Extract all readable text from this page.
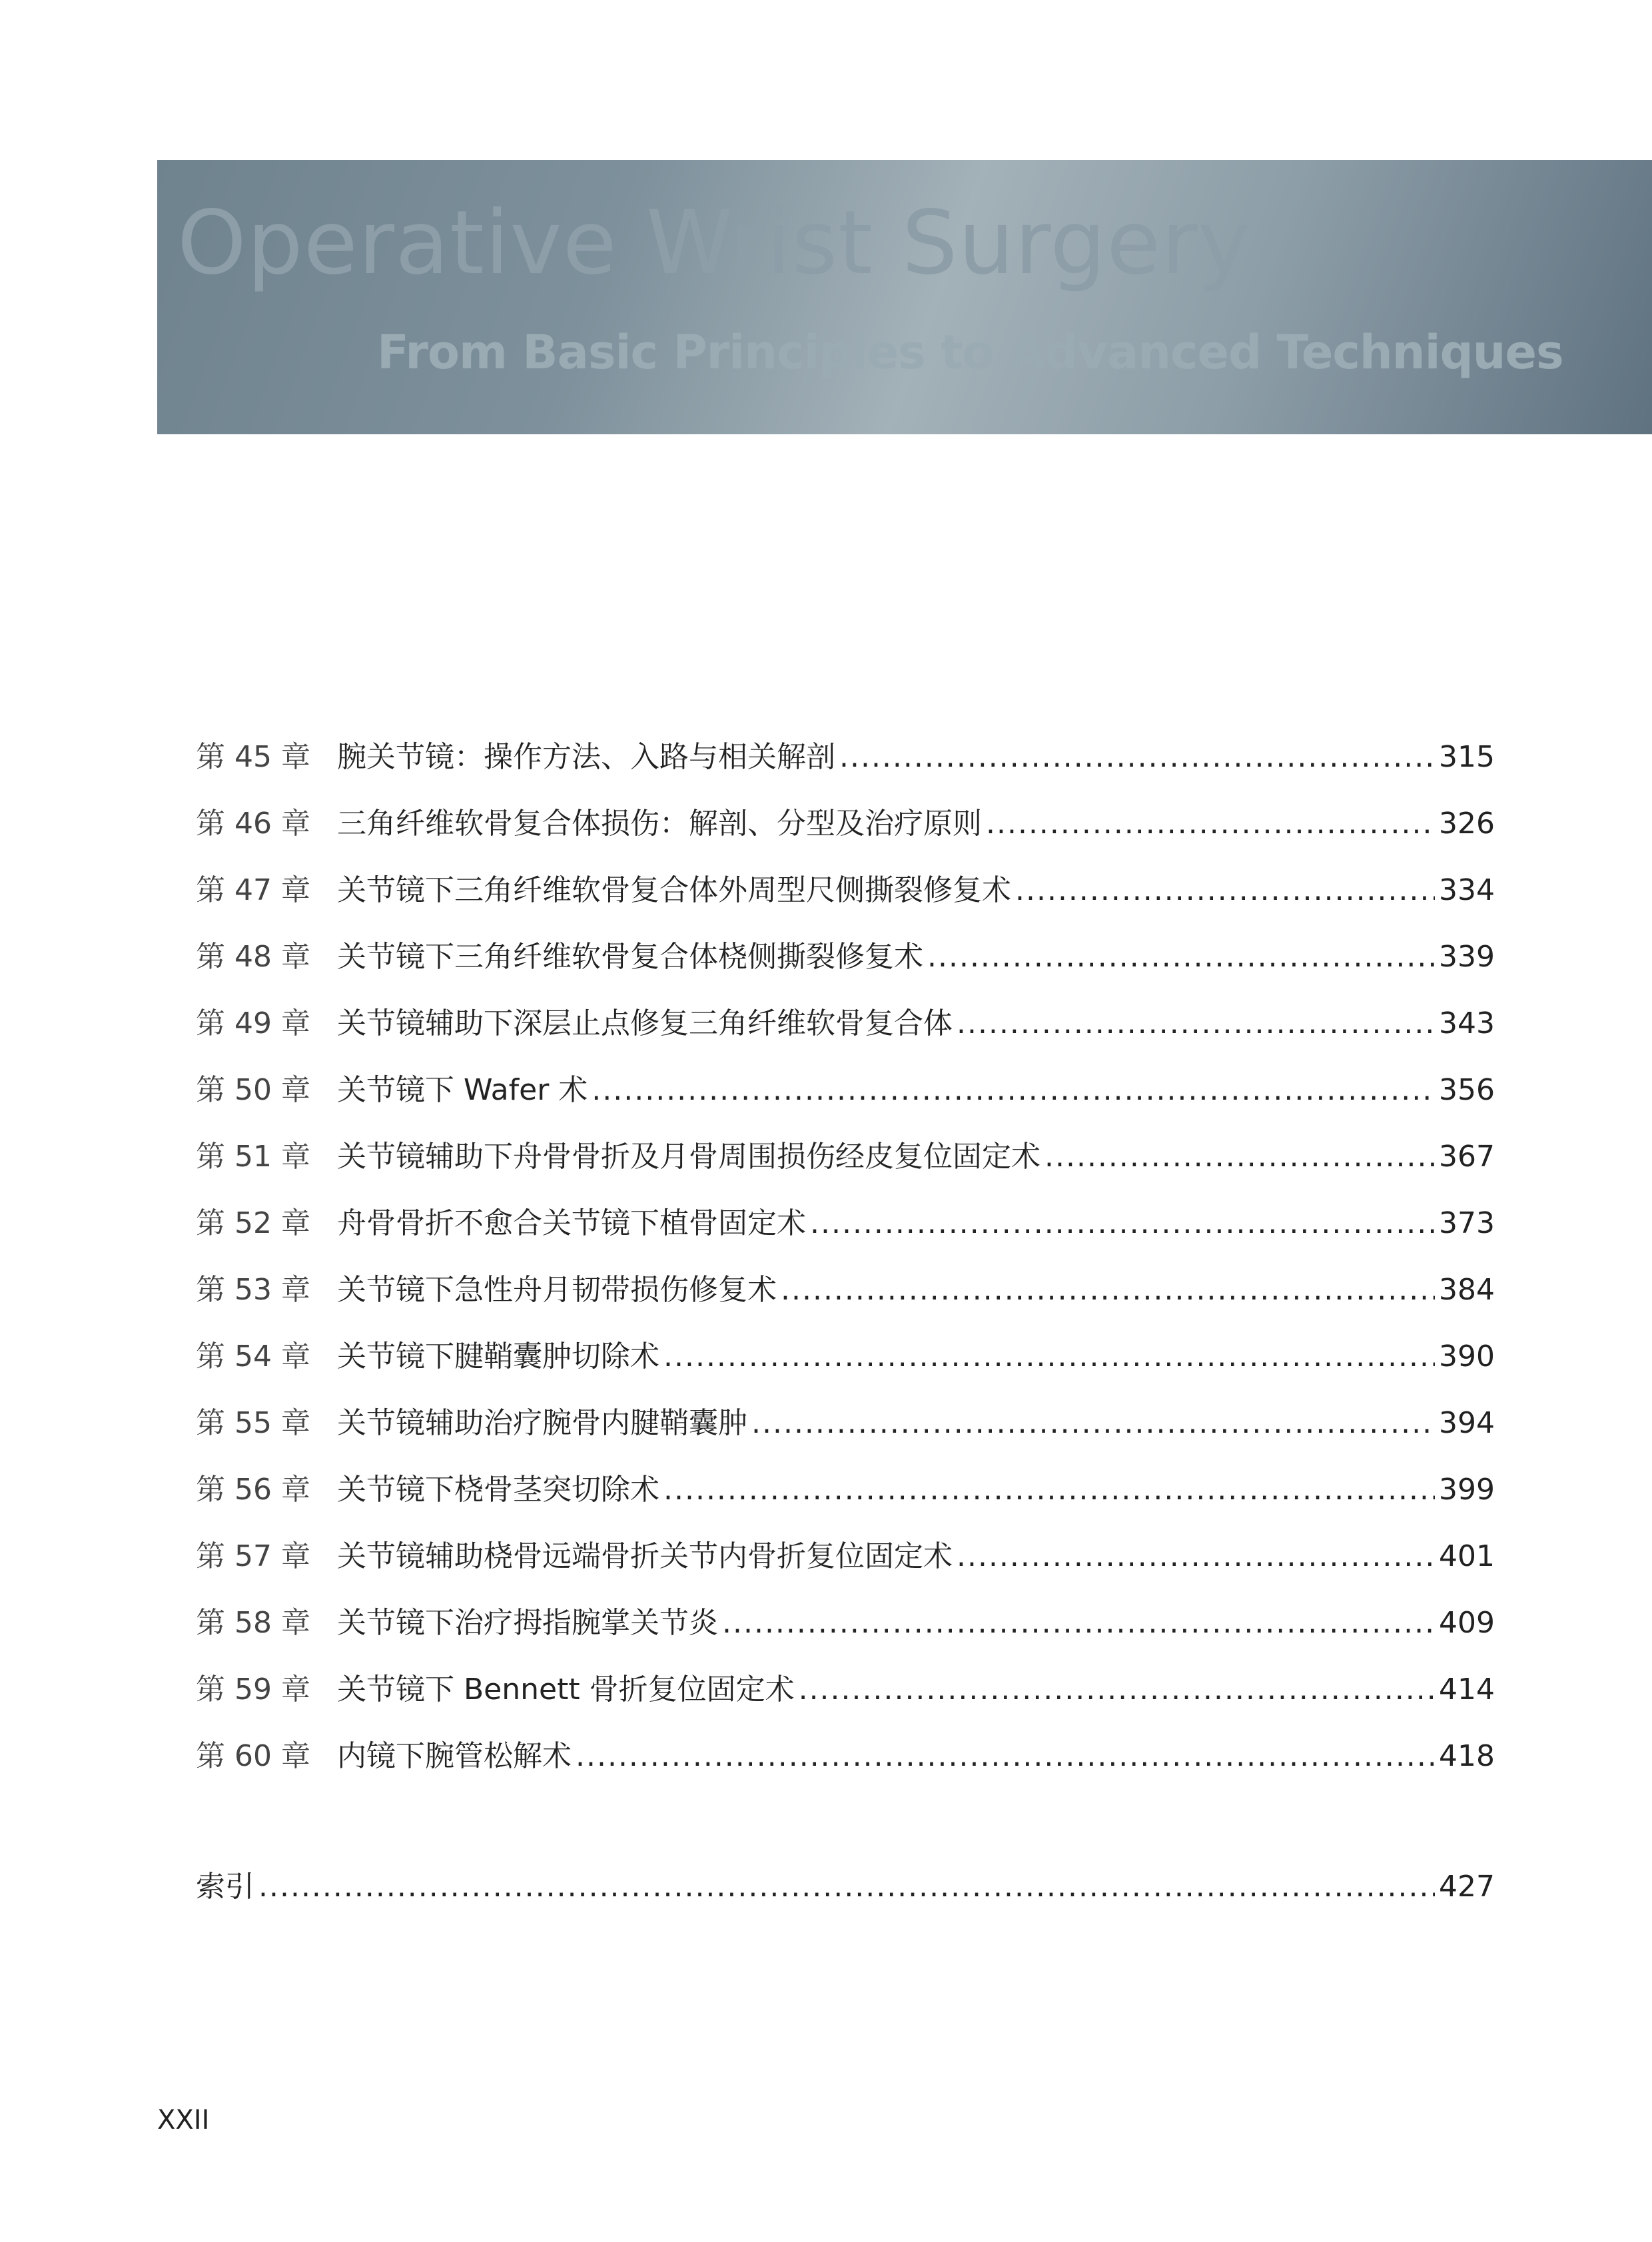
Operative Wrist Surgery
From Basic Principles to Advanced Techniques
第 45 章 腕关节镜：操作方法、入路与相关解剖 .....	315
第 46 章 三角纤维软骨复合体损伤：解剖、分型及治疗原则 .....	326
第 47 章 关节镜下三角纤维软骨复合体外周型尺侧撕裂修复术 .....	334
第 48 章 关节镜下三角纤维软骨复合体桡侧撕裂修复术 .....	339
第 49 章 关节镜辅助下深层止点修复三角纤维软骨复合体 .....	343
第 50 章 关节镜下 Wafer 术 .....	356
第 51 章 关节镜辅助下舟骨骨折及月骨周围损伤经皮复位固定术 .....	367
第 52 章 舟骨骨折不愈合关节镜下植骨固定术 .....	373
第 53 章 关节镜下急性舟月韧带损伤修复术 .....	384
第 54 章 关节镜下腱鞘囊肿切除术 .....	390
第 55 章 关节镜辅助治疗腕骨内腱鞘囊肿 .....	394
第 56 章 关节镜下桡骨茎突切除术 .....	399
第 57 章 关节镜辅助桡骨远端骨折关节内骨折复位固定术 .....	401
第 58 章 关节镜下治疗拇指腕掌关节炎 .....	409
第 59 章 关节镜下 Bennett 骨折复位固定术 .....	414
第 60 章 内镜下腕管松解术 .....	418
索引 .....	427
XXII
